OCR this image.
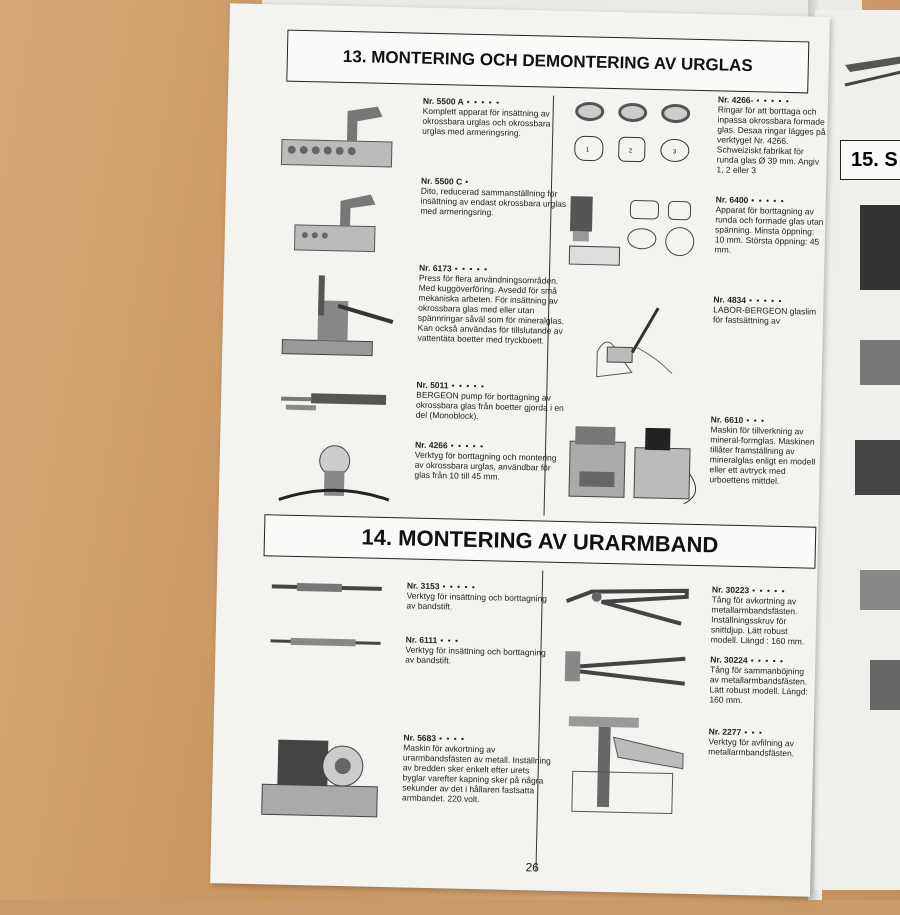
15. S
13. MONTERING OCH DEMONTERING AV URGLAS
Nr. 5500 A • • • • •
Komplett apparat för insättning av okrossbara urglas och okrossbara urglas med armeringsring.
Nr. 5500 C •
Dito, reducerad sammanställning för insättning av endast okrossbara urglas med armeringsring.
Nr. 6173 • • • • •
Press för flera användningsområden. Med kuggöverföring. Avsedd för små mekaniska arbeten. För insättning av okrossbara glas med eller utan spännringar såväl som för mineralglas. Kan också användas för tillslutande av vattentäta boetter med tryckboett.
Nr. 5011 • • • • •
BERGEON pump för borttagning av okrossbara glas från boetter gjorda i en del (Monoblock).
Nr. 4266 • • • • •
Verktyg för borttagning och montering av okrossbara urglas, användbar för glas från 10 till 45 mm.
1	2	3
Nr. 4266- • • • • •
Ringar för att borttaga och inpassa okrossbara formade glas. Desaa ringar lägges på verktyget Nr. 4266. Schweiziskt fabrikat för runda glas Ø 39 mm. Angiv 1, 2 eller 3
Nr. 6400 • • • • •
Apparat för borttagning av runda och formade glas utan spänning. Minsta öppning: 10 mm. Största öppning: 45 mm.
Nr. 4834 • • • • •
LABOR-BERGEON glaslim för fastsättning av
Nr. 6610 • • •
Maskin för tillverkning av mineral-formglas. Maskinen tillåter framställning av mineralglas enligt en modell eller ett avtryck med urboettens mittdel.
14. MONTERING AV URARMBAND
Nr. 3153 • • • • •
Verktyg för insättning och borttagning av bandstift.
Nr. 6111 • • •
Verktyg för insättning och borttagning av bandstift.
Nr. 5683 • • • •
Maskin för avkortning av urarmbandsfästen av metall. Inställning av bredden sker enkelt efter urets byglar varefter kapning sker på några sekunder av det i hållaren fastsatta armbandet. 220 volt.
Nr. 30223 • • • • •
Tång för avkortning av metallarmbandsfästen. Inställningsskruv för snittdjup. Lätt robust modell. Längd : 160 mm.
Nr. 30224 • • • • •
Tång för sammanböjning av metallarmbandsfästen. Lätt robust modell. Längd: 160 mm.
Nr. 2277 • • •
Verktyg för avfilning av metallarmbandsfästen.
26
